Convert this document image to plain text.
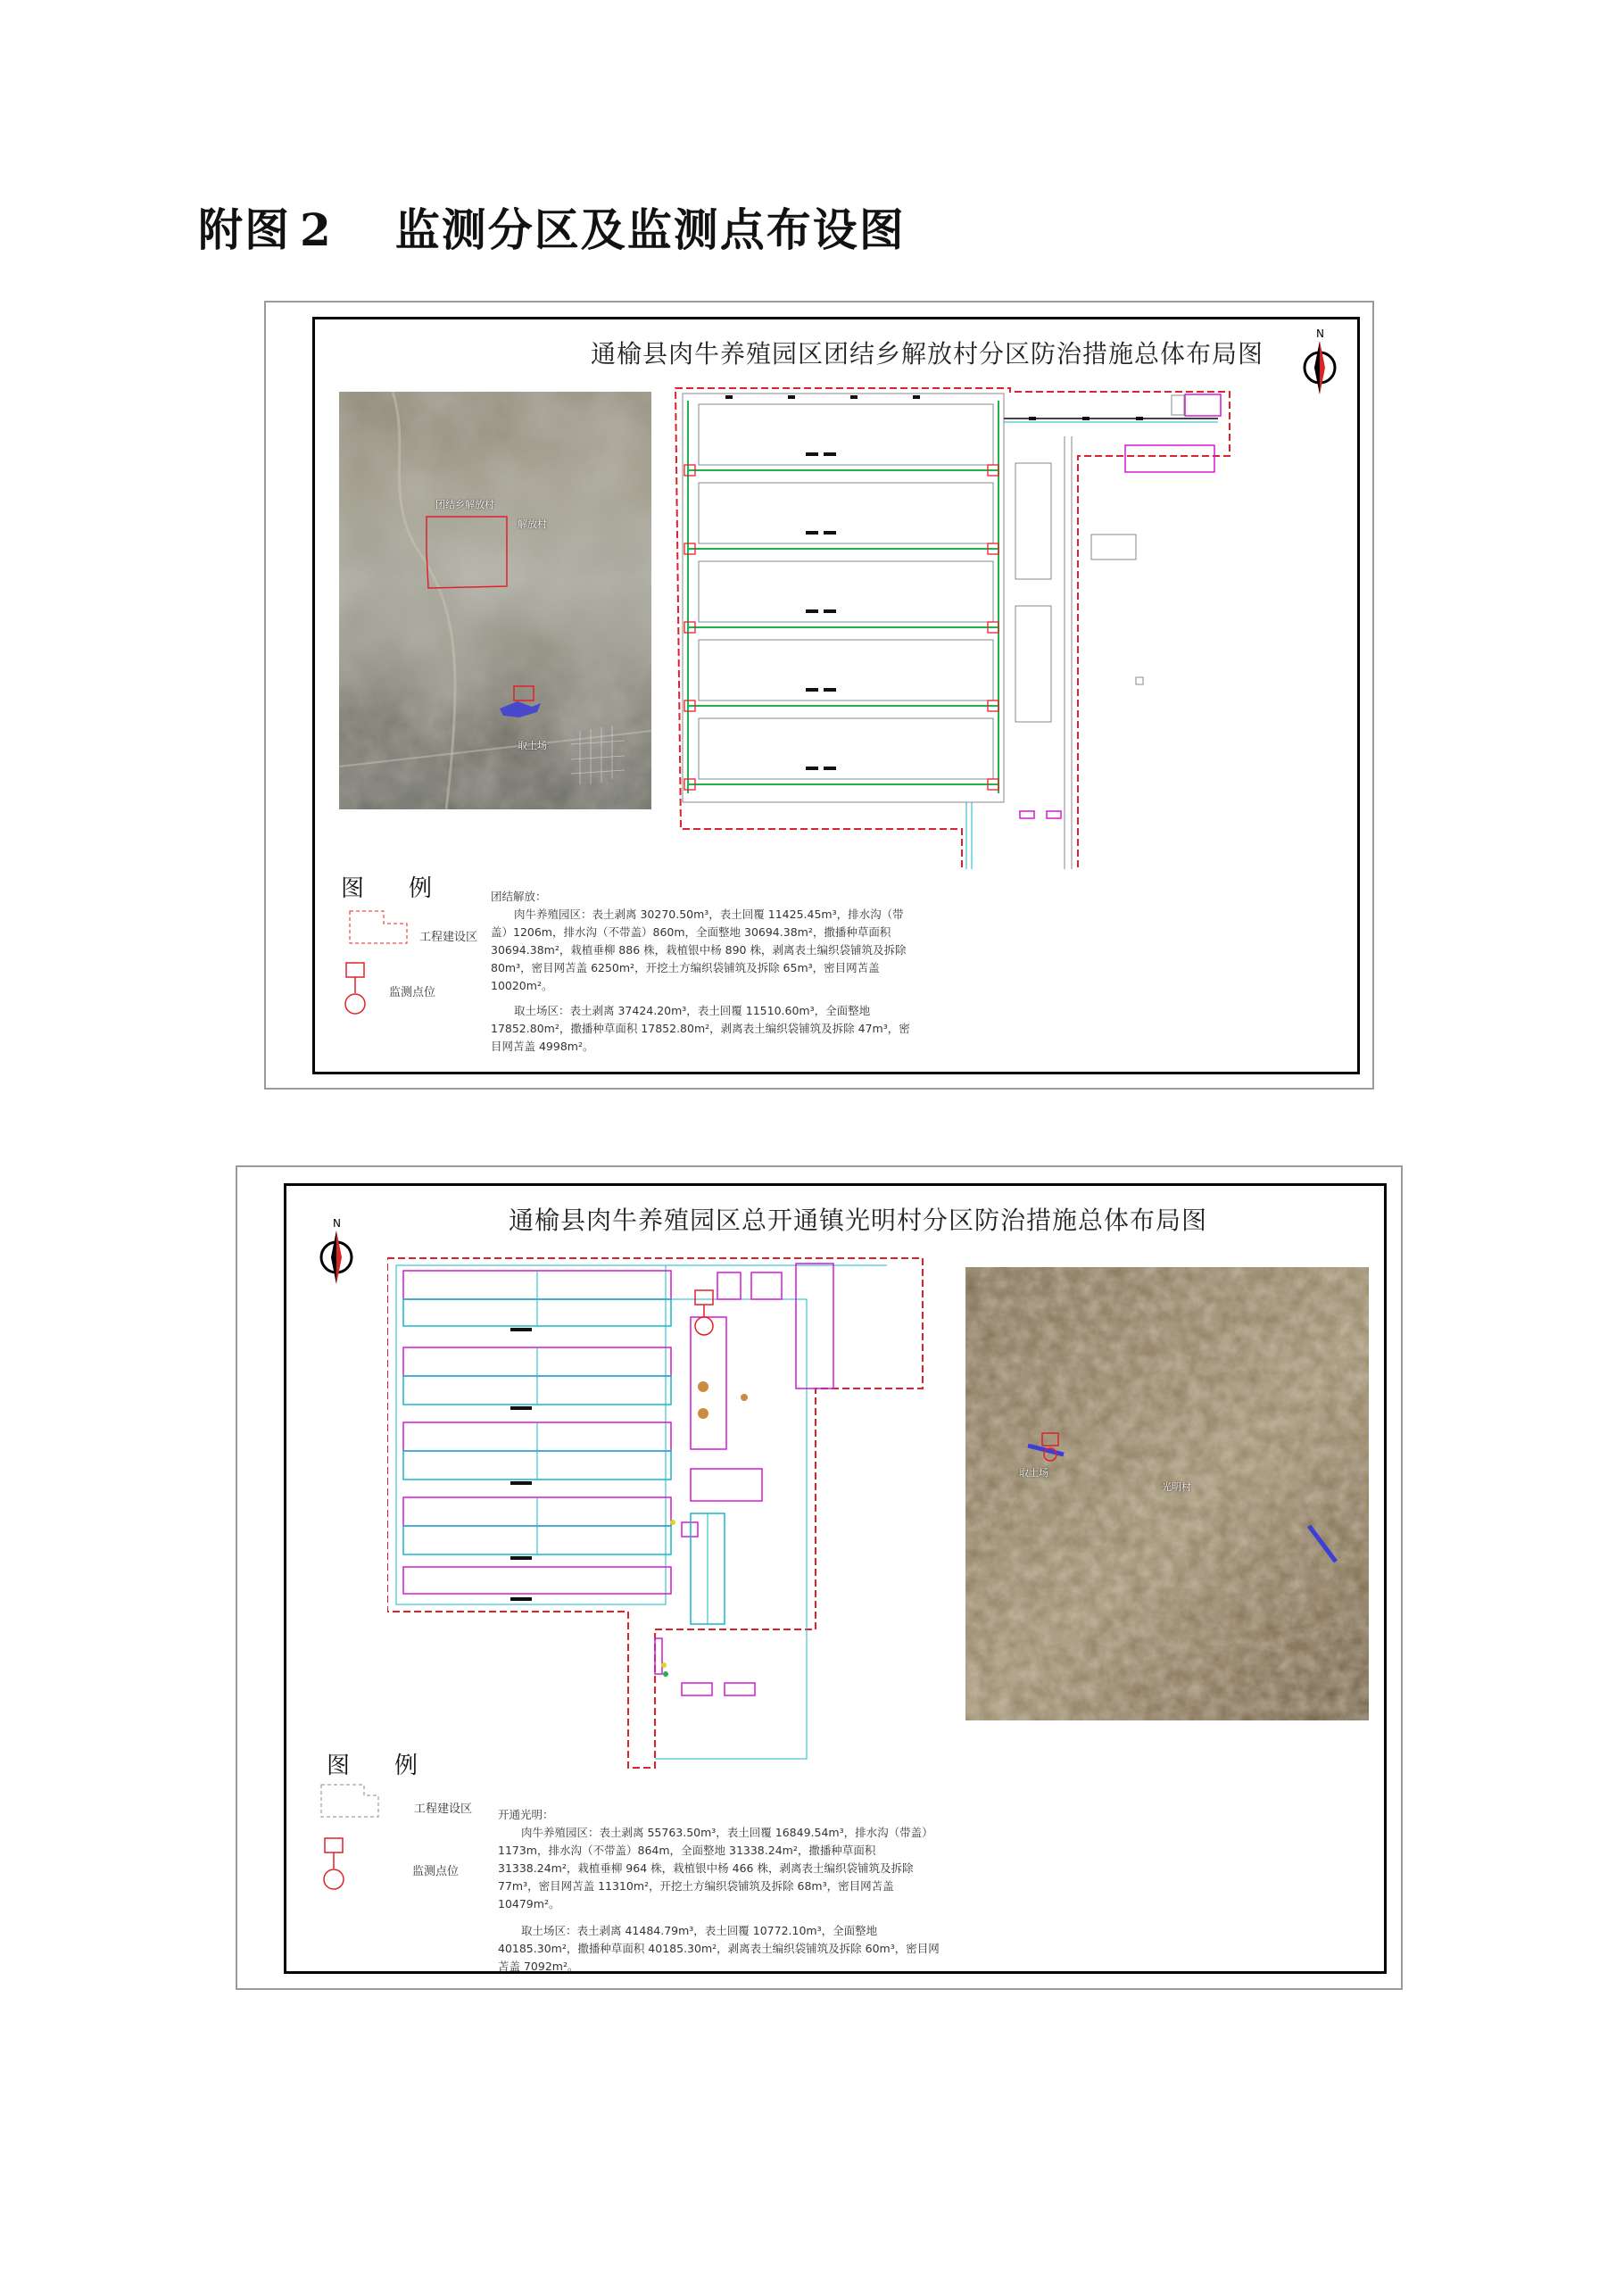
附图 2 监测分区及监测点布设图
通榆县肉牛养殖园区团结乡解放村分区防治措施总体布局图
N
团结乡解放村
解放村
取土场
图例
工程建设区
监测点位

团结解放：

肉牛养殖园区：表土剥离 30270.50m³，表土回覆 11425.45m³，排水沟（带盖）1206m，排水沟（不带盖）860m，全面整地 30694.38m²，撒播种草面积 30694.38m²，栽植垂柳 886 株，栽植银中杨 890 株，剥离表土编织袋铺筑及拆除 80m³，密目网苫盖 6250m²，开挖土方编织袋铺筑及拆除 65m³，密目网苫盖 10020m²。

取土场区：表土剥离 37424.20m³，表土回覆 11510.60m³，全面整地 17852.80m²，撒播种草面积 17852.80m²，剥离表土编织袋铺筑及拆除 47m³，密目网苫盖 4998m²。

通榆县肉牛养殖园区总开通镇光明村分区防治措施总体布局图
N
光明村
取土场
图例
工程建设区
监测点位

开通光明：

肉牛养殖园区：表土剥离 55763.50m³，表土回覆 16849.54m³，排水沟（带盖）1173m，排水沟（不带盖）864m，全面整地 31338.24m²，撒播种草面积 31338.24m²，栽植垂柳 964 株，栽植银中杨 466 株，剥离表土编织袋铺筑及拆除 77m³，密目网苫盖 11310m²，开挖土方编织袋铺筑及拆除 68m³，密目网苫盖 10479m²。

取土场区：表土剥离 41484.79m³，表土回覆 10772.10m³，全面整地 40185.30m²，撒播种草面积 40185.30m²，剥离表土编织袋铺筑及拆除 60m³，密目网苫盖 7092m²。
